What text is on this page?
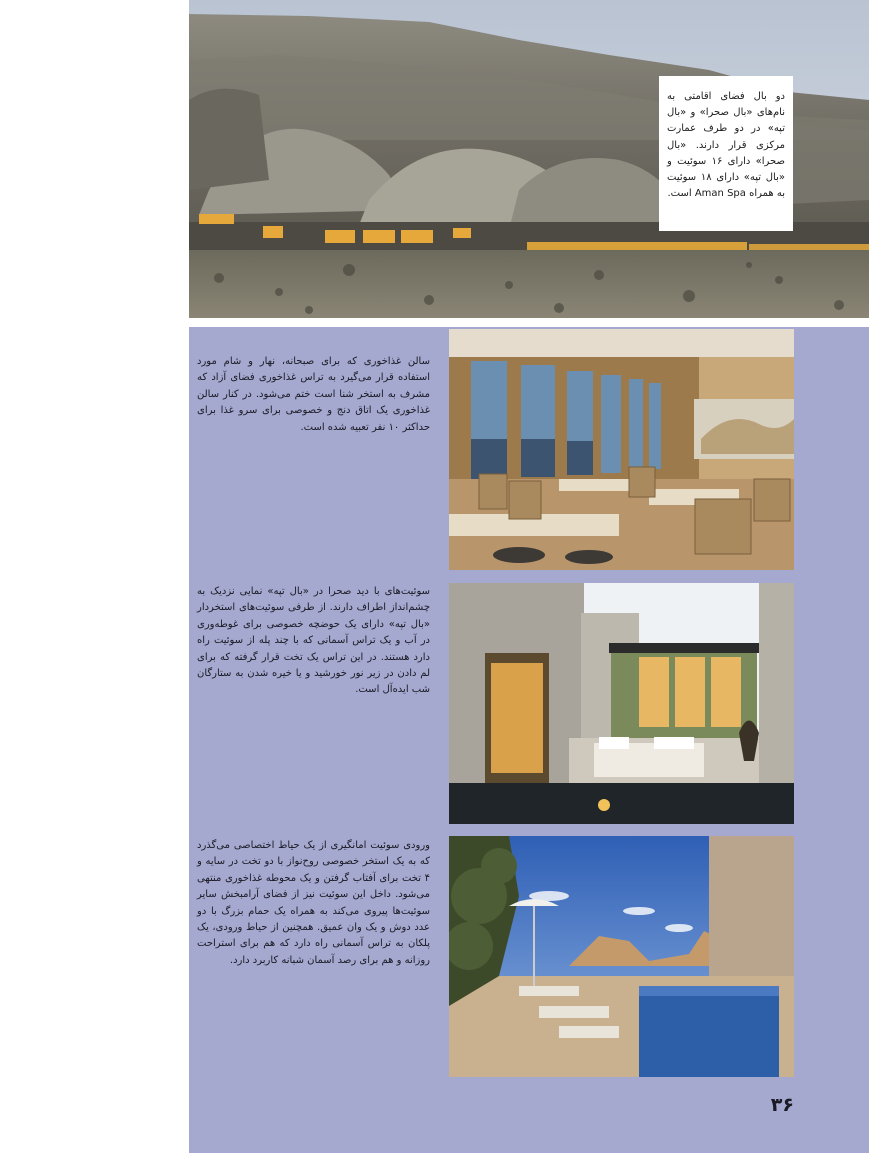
دو بال فضای اقامتی به نام‌های «بال صحرا» و «بال تپه» در دو طرف عمارت مرکزی قرار دارند. «بال صحرا» دارای ۱۶ سوئیت و «بال تپه» دارای ۱۸ سوئیت به همراه Aman Spa است.
سالن غذاخوری که برای صبحانه، نهار و شام مورد استفاده قرار می‌گیرد به تراس غذاخوری فضای آزاد که مشرف به استخر شنا است ختم می‌شود. در کنار سالن غذاخوری یک اتاق دنج و خصوصی برای سرو غذا برای حداکثر ۱۰ نفر تعبیه شده است.
سوئیت‌های با دید صحرا در «بال تپه» نمایی نزدیک به چشم‌انداز اطراف دارند. از طرفی سوئیت‌های استخردار «بال تپه» دارای یک حوضچه خصوصی برای غوطه‌وری در آب و یک تراس آسمانی که با چند پله از سوئیت راه دارد هستند. در این تراس یک تخت قرار گرفته که برای لم دادن در زیر نور خورشید و یا خیره شدن به ستارگان شب ایده‌آل است.
ورودی سوئیت امانگیری از یک حیاط اختصاصی می‌گذرد که به یک استخر خصوصی روح‌نواز با دو تخت در سایه و ۴ تخت برای آفتاب گرفتن و یک محوطه غذاخوری منتهی می‌شود. داخل این سوئیت نیز از فضای آرامبخش سایر سوئیت‌ها پیروی می‌کند به همراه یک حمام بزرگ با دو عدد دوش و یک وان عمیق. همچنین از حیاط ورودی، یک پلکان به تراس آسمانی راه دارد که هم برای استراحت روزانه و هم برای رصد آسمان شبانه کاربرد دارد.
۳۶
